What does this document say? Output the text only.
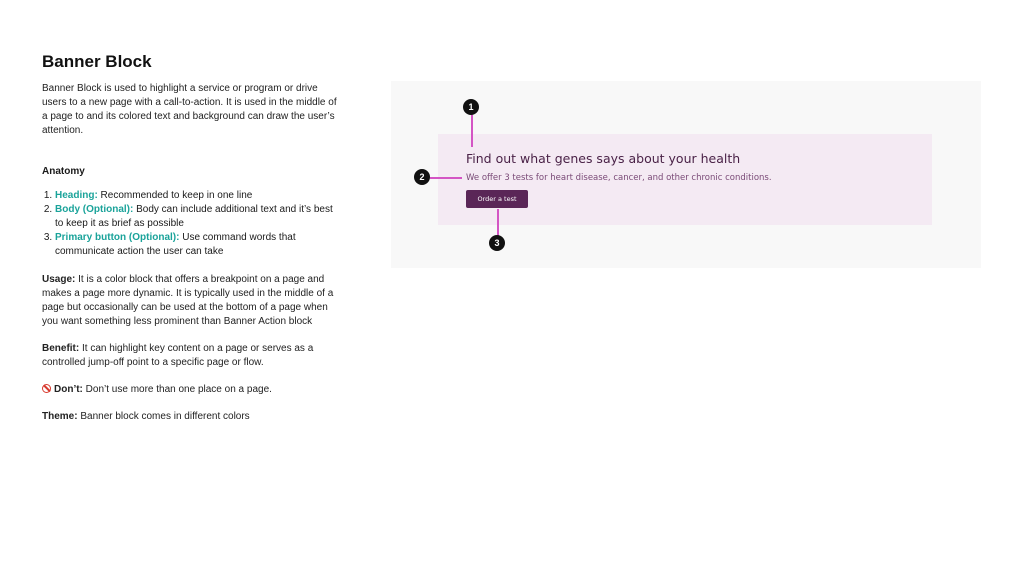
Banner Block

Banner Block is used to highlight a service or program or drive users to a new page with a call-to-action. It is used in the middle of a page to and its colored text and background can draw the user’s attention.

Anatomy

1. Heading: Recommended to keep in one line
2. Body (Optional): Body can include additional text and it’s best to keep it as brief as possible
3. Primary button (Optional): Use command words that communicate action the user can take

Usage: It is a color block that offers a breakpoint on a page and makes a page more dynamic. It is typically used in the middle of a page but occasionally can be used at the bottom of a page when you want something less prominent than Banner Action block

Benefit: It can highlight key content on a page or serves as a controlled jump-off point to a specific page or flow.

Don’t: Don’t use more than one place on a page.

Theme: Banner block comes in different colors

Find out what genes says about your health
We offer 3 tests for heart disease, cancer, and other chronic conditions.
Order a test
1
2
3
